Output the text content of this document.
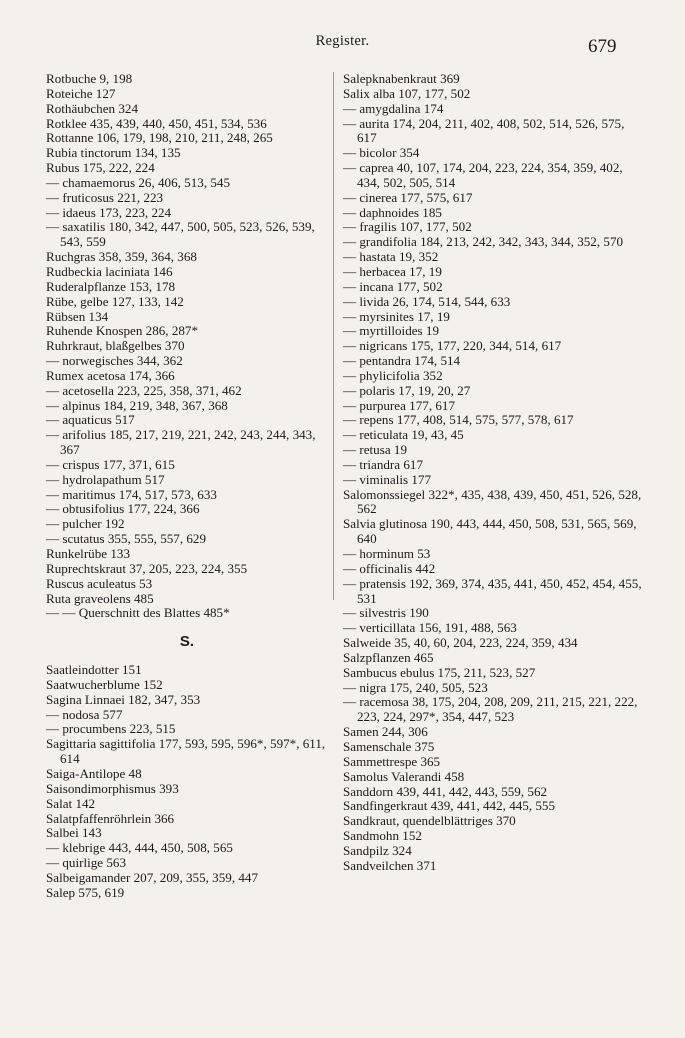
Register.	679
Rotbuche 9, 198
Roteiche 127
Rothäubchen 324
Rotklee 435, 439, 440, 450, 451, 534, 536
Rottanne 106, 179, 198, 210, 211, 248, 265
Rubia tinctorum 134, 135
Rubus 175, 222, 224
— chamaemorus 26, 406, 513, 545
— fruticosus 221, 223
— idaeus 173, 223, 224
— saxatilis 180, 342, 447, 500, 505, 523, 526, 539, 543, 559
Ruchgras 358, 359, 364, 368
Rudbeckia laciniata 146
Ruderalpflanze 153, 178
Rübe, gelbe 127, 133, 142
Rübsen 134
Ruhende Knospen 286, 287*
Ruhrkraut, blaßgelbes 370
— norwegisches 344, 362
Rumex acetosa 174, 366
— acetosella 223, 225, 358, 371, 462
— alpinus 184, 219, 348, 367, 368
— aquaticus 517
— arifolius 185, 217, 219, 221, 242, 243, 244, 343, 367
— crispus 177, 371, 615
— hydrolapathum 517
— maritimus 174, 517, 573, 633
— obtusifolius 177, 224, 366
— pulcher 192
— scutatus 355, 555, 557, 629
Runkelrübe 133
Ruprechtskraut 37, 205, 223, 224, 355
Ruscus aculeatus 53
Ruta graveolens 485
— — Querschnitt des Blattes 485*
S.
Saatleindotter 151
Saatwucherblume 152
Sagina Linnaei 182, 347, 353
— nodosa 577
— procumbens 223, 515
Sagittaria sagittifolia 177, 593, 595, 596*, 597*, 611, 614
Saiga-Antilope 48
Saisondimorphismus 393
Salat 142
Salatpfaffenröhrlein 366
Salbei 143
— klebrige 443, 444, 450, 508, 565
— quirlige 563
Salbeigamander 207, 209, 355, 359, 447
Salep 575, 619
Salepknabenkraut 369
Salix alba 107, 177, 502
— amygdalina 174
— aurita 174, 204, 211, 402, 408, 502, 514, 526, 575, 617
— bicolor 354
— caprea 40, 107, 174, 204, 223, 224, 354, 359, 402, 434, 502, 505, 514
— cinerea 177, 575, 617
— daphnoides 185
— fragilis 107, 177, 502
— grandifolia 184, 213, 242, 342, 343, 344, 352, 570
— hastata 19, 352
— herbacea 17, 19
— incana 177, 502
— livida 26, 174, 514, 544, 633
— myrsinites 17, 19
— myrtilloides 19
— nigricans 175, 177, 220, 344, 514, 617
— pentandra 174, 514
— phylicifolia 352
— polaris 17, 19, 20, 27
— purpurea 177, 617
— repens 177, 408, 514, 575, 577, 578, 617
— reticulata 19, 43, 45
— retusa 19
— triandra 617
— viminalis 177
Salomonssiegel 322*, 435, 438, 439, 450, 451, 526, 528, 562
Salvia glutinosa 190, 443, 444, 450, 508, 531, 565, 569, 640
— horminum 53
— officinalis 442
— pratensis 192, 369, 374, 435, 441, 450, 452, 454, 455, 531
— silvestris 190
— verticillata 156, 191, 488, 563
Salweide 35, 40, 60, 204, 223, 224, 359, 434
Salzpflanzen 465
Sambucus ebulus 175, 211, 523, 527
— nigra 175, 240, 505, 523
— racemosa 38, 175, 204, 208, 209, 211, 215, 221, 222, 223, 224, 297*, 354, 447, 523
Samen 244, 306
Samenschale 375
Sammettrespe 365
Samolus Valerandi 458
Sanddorn 439, 441, 442, 443, 559, 562
Sandfingerkraut 439, 441, 442, 445, 555
Sandkraut, quendelblättriges 370
Sandmohn 152
Sandpilz 324
Sandveilchen 371
